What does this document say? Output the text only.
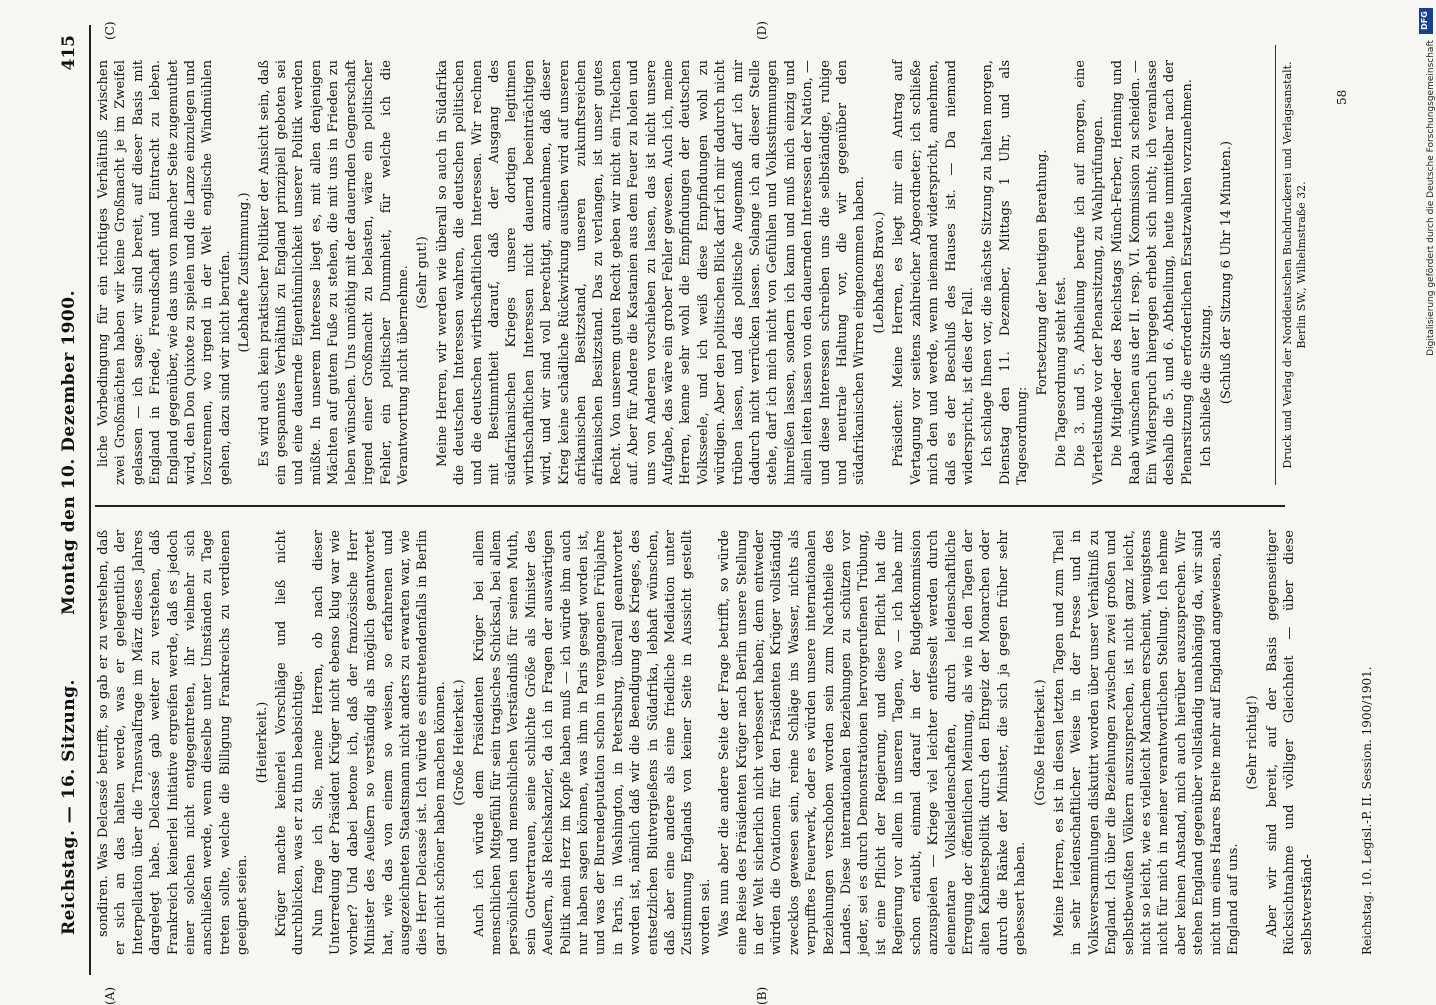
Reichstag. — 16. Sitzung.
Montag den 10. Dezember 1900.
415

sondiren. Was Delcassé betrifft, so gab er zu verstehen, daß er sich an das halten werde, was er gelegentlich der Interpellation über die Transvaalfrage im März dieses Jahres dargelegt habe. Delcassé gab weiter zu verstehen, daß Frankreich keinerlei Initiative ergreifen werde, daß es jedoch einer solchen nicht entgegentreten, ihr vielmehr sich anschließen werde, wenn dieselbe unter Umständen zu Tage treten sollte, welche die Billigung Frankreichs zu verdienen geeignet seien.

(Heiterkeit.) Krüger machte keinerlei Vorschläge und ließ nicht durchblicken, was er zu thun beabsichtige. Nun frage ich Sie, meine Herren, ob nach dieser Unterredung der Präsident Krüger nicht ebenso klug war wie vorher? Und dabei betone ich, daß der französische Herr Minister des Aeußern so verständig als möglich geantwortet hat, wie das von einem so weisen, so erfahrenen und ausgezeichneten Staatsmann nicht anders zu erwarten war, wie dies Herr Delcassé ist. Ich würde es eintretendenfalls in Berlin gar nicht schöner haben machen können. (Große Heiterkeit.) Auch ich würde dem Präsidenten Krüger bei allem menschlichen Mitgefühl für sein tragisches Schicksal, bei allem persönlichen und menschlichen Verständniß für seinen Muth, sein Gottvertrauen, seine schlichte Größe als Minister des Aeußern, als Reichskanzler, da ich in Fragen der auswärtigen Politik mein Herz im Kopfe haben muß — ich würde ihm auch nur haben sagen können, was ihm in Paris gesagt worden ist, und was der Burendeputation schon in vergangenen Frühjahre in Paris, in Washington, in Petersburg, überall geantwortet worden ist, nämlich daß wir die Beendigung des Krieges, des entsetzlichen Blutvergießens in Südafrika, lebhaft wünschen, daß aber eine andere als eine friedliche Mediation unter Zustimmung Englands von keiner Seite in Aussicht gestellt worden sei. Was nun aber die andere Seite der Frage betrifft, so würde eine Reise des Präsidenten Krüger nach Berlin unsere Stellung in der Welt sicherlich nicht verbessert haben; denn entweder würden die Ovationen für den Präsidenten Krüger vollständig zwecklos gewesen sein, reine Schläge ins Wasser, nichts als verpufftes Feuerwerk, oder es würden unsere internationalen Beziehungen verschoben worden sein zum Nachtheile des Landes. Diese internationalen Beziehungen zu schützen vor jeder, sei es durch Demonstrationen hervorgerufenen Trübung, ist eine Pflicht der Regierung, und diese Pflicht hat die Regierung vor allem in unseren Tagen, wo — ich habe mir schon erlaubt, einmal darauf in der Budgetkommission anzuspielen — Kriege viel leichter entfesselt werden durch elementare Volksleidenschaften, durch leidenschaftliche Erregung der öffentlichen Meinung, als wie in den Tagen der alten Kabinetspolitik durch den Ehrgeiz der Monarchen oder durch die Ränke der Minister, die sich ja gegen früher sehr gebessert haben.

(Große Heiterkeit.) Meine Herren, es ist in diesen letzten Tagen und zum Theil in sehr leidenschaftlicher Weise in der Presse und in Volksversammlungen diskutirt worden über unser Verhältniß zu England. Ich über die Beziehungen zwischen zwei großen und selbstbewußten Völkern auszusprechen, ist nicht ganz leicht, nicht so leicht, wie es vielleicht Manchem erscheint, wenigstens nicht für mich in meiner verantwortlichen Stellung. Ich nehme aber keinen Anstand, mich auch hierüber auszusprechen. Wir stehen England gegenüber vollständig unabhängig da, wir sind nicht um eines Haares Breite mehr auf England angewiesen, als England auf uns.

(Sehr richtig!) Aber wir sind bereit, auf der Basis gegenseitiger Rücksichtnahme und völliger Gleichheit — über diese selbstverständ-

liche Vorbedingung für ein richtiges Verhältniß zwischen zwei Großmächten haben wir keine Großmacht je im Zweifel gelassen — ich sage: wir sind bereit, auf dieser Basis mit England in Friede, Freundschaft und Eintracht zu leben. England gegenüber, wie das uns von mancher Seite zugemuthet wird, den Don Quixote zu spielen und die Lanze einzulegen und loszurennen, wo irgend in der Welt englische Windmühlen gehen, dazu sind wir nicht berufen. (Lebhafte Zustimmung.) Es wird auch kein praktischer Politiker der Ansicht sein, daß ein gespanntes Verhältniß zu England prinzipiell geboten sei und eine dauernde Eigenthümlichkeit unserer Politik werden müßte. In unserem Interesse liegt es, mit allen denjenigen Mächten auf gutem Fuße zu stehen, die mit uns in Frieden zu leben wünschen. Uns unnöthig mit der dauernden Gegnerschaft irgend einer Großmacht zu belasten, wäre ein politischer Fehler, ein politischer Dummheit, für welche ich die Verantwortung nicht übernehme. (Sehr gut!) Meine Herren, wir werden wie überall so auch in Südafrika die deutschen Interessen wahren, die deutschen politischen und die deutschen wirthschaftlichen Interessen. Wir rechnen mit Bestimmtheit darauf, daß der Ausgang des südafrikanischen Krieges unsere dortigen legitimen wirthschaftlichen Interessen nicht dauernd beeinträchtigen wird, und wir sind voll berechtigt, anzunehmen, daß dieser Krieg keine schädliche Rückwirkung ausüben wird auf unseren afrikanischen Besitzstand, unseren zukunftsreichen afrikanischen Besitzstand. Das zu verlangen, ist unser gutes Recht. Von unserem guten Recht geben wir nicht ein Titelchen auf. Aber für Andere die Kastanien aus dem Feuer zu holen und uns von Anderen vorschieben zu lassen, das ist nicht unsere Aufgabe, das wäre ein grober Fehler gewesen. Auch ich, meine Herren, kenne sehr wohl die Empfindungen der deutschen Volksseele, und ich weiß diese Empfindungen wohl zu würdigen. Aber den politischen Blick darf ich mir dadurch nicht trüben lassen, und das politische Augenmaß darf ich mir dadurch nicht verrücken lassen. Solange ich an dieser Stelle stehe, darf ich mich nicht von Gefühlen und Volksstimmungen hinreißen lassen, sondern ich kann und muß mich einzig und allein leiten lassen von den dauernden Interessen der Nation, — und diese Interessen schreiben uns die selbständige, ruhige und neutrale Haltung vor, die wir gegenüber den südafrikanischen Wirren eingenommen haben. (Lebhaftes Bravo.) Präsident: Meine Herren, es liegt mir ein Antrag auf Vertagung vor seitens zahlreicher Abgeordneter; ich schließe mich den und werde, wenn niemand widerspricht, annehmen, daß es der Beschluß des Hauses ist. — Da niemand widerspricht, ist dies der Fall. Ich schlage Ihnen vor, die nächste Sitzung zu halten morgen, Dienstag den 11. Dezember, Mittags 1 Uhr, und als Tagesordnung:

Fortsetzung der heutigen Berathung. Die Tagesordnung steht fest. Die 3. und 5. Abtheilung berufe ich auf morgen, eine Viertelstunde vor der Plenarsitzung, zu Wahlprüfungen. Die Mitglieder des Reichstags Münch-Ferber, Henning und Raab wünschen aus der II. resp. VI. Kommission zu scheiden. — Ein Widerspruch hiergegen erhebt sich nicht; ich veranlasse deshalb die 5. und 6. Abtheilung, heute unmittelbar nach der Plenarsitzung die erforderlichen Ersatzwahlen vorzunehmen. Ich schließe die Sitzung. (Schluß der Sitzung 6 Uhr 14 Minuten.)

(A)	(B)
(C)	(D)
Druck und Verlag der Norddeutschen Buchdruckerei und Verlagsanstalt. Berlin SW., Wilhelmstraße 32.
58
Reichstag. 10. Legisl.-P. II. Session. 1900/1901.
DFG
Digitalisierung gefördert durch die Deutsche Forschungsgemeinschaft
